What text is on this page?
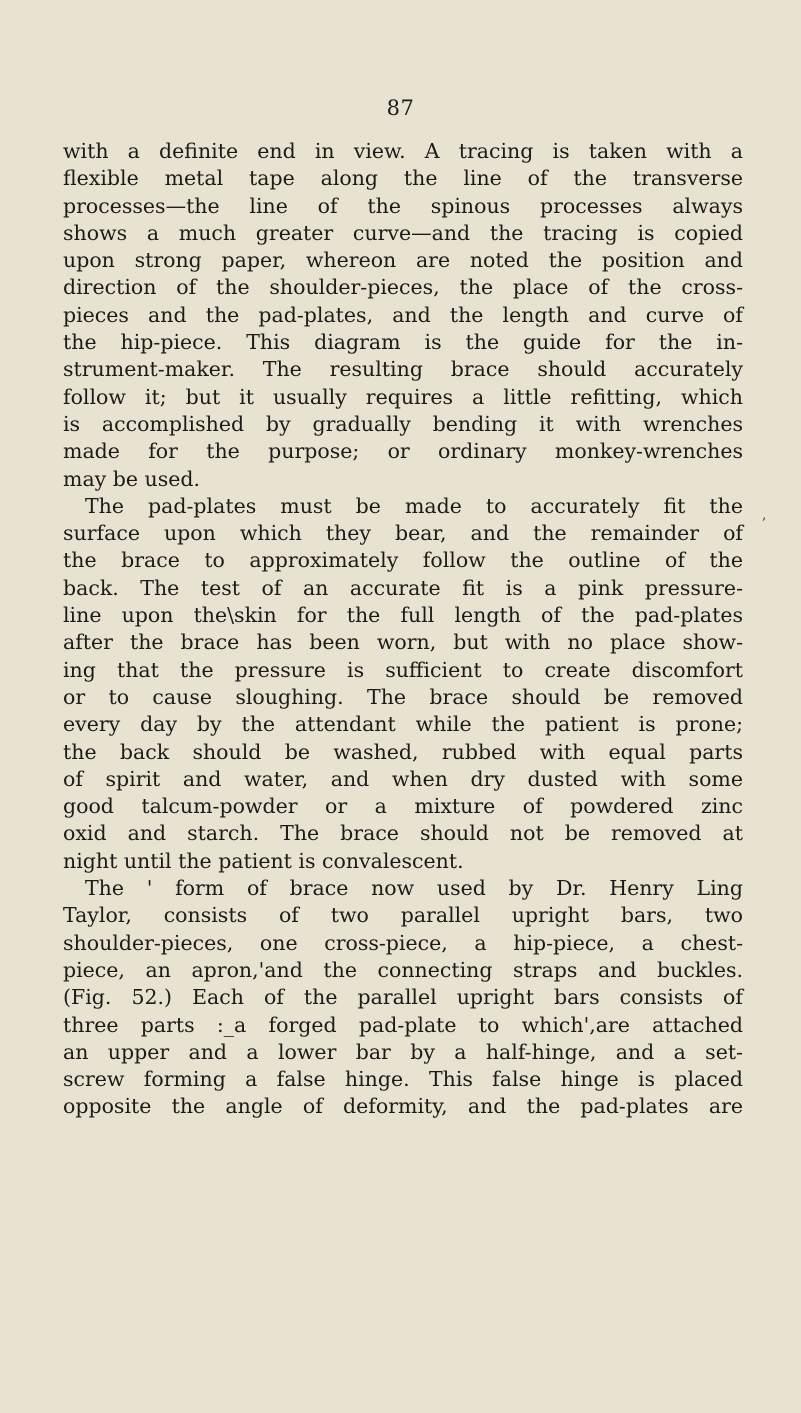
87
,
with a definite end in view. A tracing is taken with a
flexible metal tape along the line of the transverse
processes—the line of the spinous processes always
shows a much greater curve—and the tracing is copied
upon strong paper, whereon are noted the position and
direction of the shoulder-pieces, the place of the cross-
pieces and the pad-plates, and the length and curve of
the hip-piece. This diagram is the guide for the in-
strument-maker. The resulting brace should accurately
follow it; but it usually requires a little refitting, which
is accomplished by gradually bending it with wrenches
made for the purpose; or ordinary monkey-wrenches
may be used.
The pad-plates must be made to accurately fit the
surface upon which they bear, and the remainder of
the brace to approximately follow the outline of the
back. The test of an accurate fit is a pink pressure-
line upon the\skin for the full length of the pad-plates
after the brace has been worn, but with no place show-
ing that the pressure is sufficient to create discomfort
or to cause sloughing. The brace should be removed
every day by the attendant while the patient is prone;
the back should be washed, rubbed with equal parts
of spirit and water, and when dry dusted with some
good talcum-powder or a mixture of powdered zinc
oxid and starch. The brace should not be removed at
night until the patient is convalescent.
The ' form of brace now used by Dr. Henry Ling
Taylor, consists of two parallel upright bars, two
shoulder-pieces, one cross-piece, a hip-piece, a chest-
piece, an apron,'and the connecting straps and buckles.
(Fig. 52.) Each of the parallel upright bars consists of
three parts :_a forged pad-plate to which',are attached
an upper and a lower bar by a half-hinge, and a set-
screw forming a false hinge. This false hinge is placed
opposite the angle of deformity, and the pad-plates are
